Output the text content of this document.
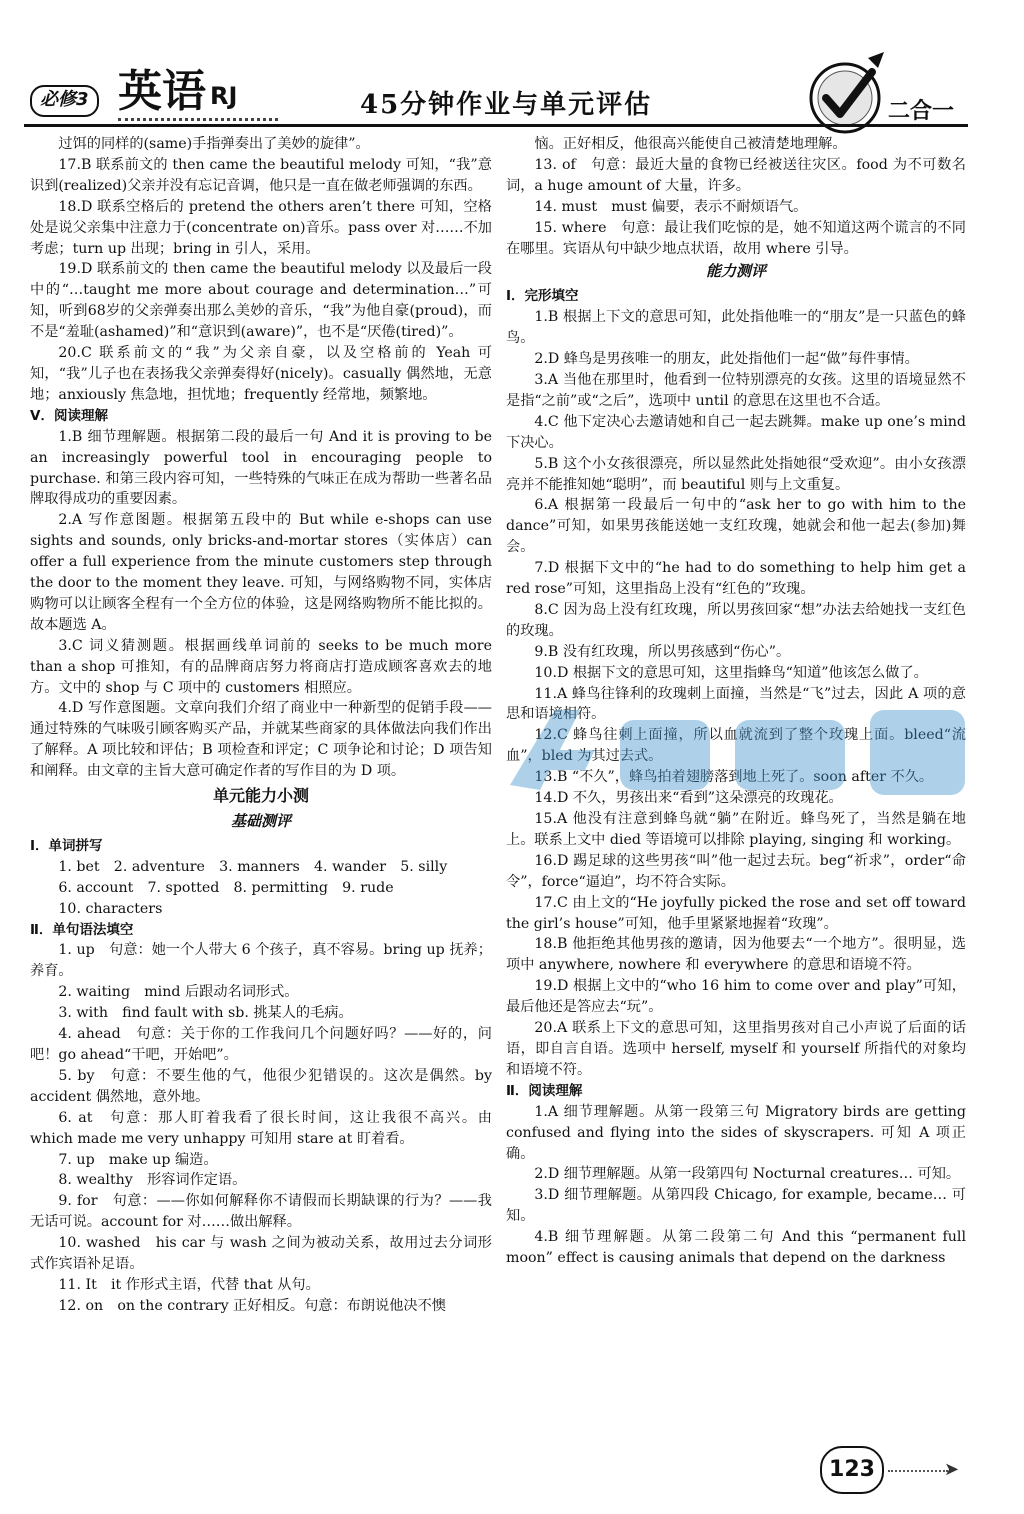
必修3 英语 RJ	45分钟作业与单元评估	二合一

过饵的同样的(same)手指弹奏出了美妙的旋律”。

17.B 联系前文的 then came the beautiful melody 可知，“我”意识到(realized)父亲并没有忘记音调，他只是一直在做老师强调的东西。

18.D 联系空格后的 pretend the others aren’t there 可知，空格处是说父亲集中注意力于(concentrate on)音乐。pass over 对……不加考虑；turn up 出现；bring in 引人，采用。

19.D 联系前文的 then came the beautiful melody 以及最后一段中的“…taught me more about courage and determination…”可知，听到68岁的父亲弹奏出那么美妙的音乐，“我”为他自豪(proud)，而不是“羞耻(ashamed)”和“意识到(aware)”，也不是“厌倦(tired)”。

20.C 联系前文的“我”为父亲自豪，以及空格前的 Yeah 可知，“我”儿子也在表扬我父亲弹奏得好(nicely)。casually 偶然地，无意地；anxiously 焦急地，担忧地；frequently 经常地，频繁地。

Ⅴ．阅读理解

1.B 细节理解题。根据第二段的最后一句 And it is proving to be an increasingly powerful tool in encouraging people to purchase. 和第三段内容可知，一些特殊的气味正在成为帮助一些著名品牌取得成功的重要因素。

2.A 写作意图题。根据第五段中的 But while e-shops can use sights and sounds, only bricks-and-mortar stores（实体店）can offer a full experience from the minute customers step through the door to the moment they leave. 可知，与网络购物不同，实体店购物可以让顾客全程有一个全方位的体验，这是网络购物所不能比拟的。故本题选 A。

3.C 词义猜测题。根据画线单词前的 seeks to be much more than a shop 可推知，有的品牌商店努力将商店打造成顾客喜欢去的地方。文中的 shop 与 C 项中的 customers 相照应。

4.D 写作意图题。文章向我们介绍了商业中一种新型的促销手段——通过特殊的气味吸引顾客购买产品，并就某些商家的具体做法向我们作出了解释。A 项比较和评估；B 项检查和评定；C 项争论和讨论；D 项告知和阐释。由文章的主旨大意可确定作者的写作目的为 D 项。

单元能力小测

基础测评

Ⅰ．单词拼写

1. bet　2. adventure　3. manners　4. wander　5. silly

6. account　7. spotted　8. permitting　9. rude

10. characters

Ⅱ．单句语法填空

1. up　句意：她一个人带大 6 个孩子，真不容易。bring up 抚养；养育。

2. waiting　mind 后跟动名词形式。

3. with　find fault with sb. 挑某人的毛病。

4. ahead　句意：关于你的工作我问几个问题好吗？——好的，问吧！go ahead“干吧，开始吧”。

5. by　句意：不要生他的气，他很少犯错误的。这次是偶然。by accident 偶然地，意外地。

6. at　句意：那人盯着我看了很长时间，这让我很不高兴。由 which made me very unhappy 可知用 stare at 盯着看。

7. up　make up 编造。

8. wealthy　形容词作定语。

9. for　句意：——你如何解释你不请假而长期缺课的行为？——我无话可说。account for 对……做出解释。

10. washed　his car 与 wash 之间为被动关系，故用过去分词形式作宾语补足语。

11. It　it 作形式主语，代替 that 从句。

12. on　on the contrary 正好相反。句意：布朗说他决不懊

恼。正好相反，他很高兴能使自己被清楚地理解。

13. of　句意：最近大量的食物已经被送往灾区。food 为不可数名词，a huge amount of 大量，许多。

14. must　must 偏要，表示不耐烦语气。

15. where　句意：最让我们吃惊的是，她不知道这两个谎言的不同在哪里。宾语从句中缺少地点状语，故用 where 引导。

能力测评

Ⅰ．完形填空

1.B 根据上下文的意思可知，此处指他唯一的“朋友”是一只蓝色的蜂鸟。

2.D 蜂鸟是男孩唯一的朋友，此处指他们一起“做”每件事情。

3.A 当他在那里时，他看到一位特别漂亮的女孩。这里的语境显然不是指“之前”或“之后”，选项中 until 的意思在这里也不合适。

4.C 他下定决心去邀请她和自己一起去跳舞。make up one’s mind 下决心。

5.B 这个小女孩很漂亮，所以显然此处指她很“受欢迎”。由小女孩漂亮并不能推知她“聪明”，而 beautiful 则与上文重复。

6.A 根据第一段最后一句中的“ask her to go with him to the dance”可知，如果男孩能送她一支红玫瑰，她就会和他一起去(参加)舞会。

7.D 根据下文中的“he had to do something to help him get a red rose”可知，这里指岛上没有“红色的”玫瑰。

8.C 因为岛上没有红玫瑰，所以男孩回家“想”办法去给她找一支红色的玫瑰。

9.B 没有红玫瑰，所以男孩感到“伤心”。

10.D 根据下文的意思可知，这里指蜂鸟“知道”他该怎么做了。

11.A 蜂鸟往锋利的玫瑰刺上面撞，当然是“飞”过去，因此 A 项的意思和语境相符。

12.C 蜂鸟往刺上面撞，所以血就流到了整个玫瑰上面。bleed“流血”，bled 为其过去式。

13.B “不久”，蜂鸟拍着翅膀落到地上死了。soon after 不久。

14.D 不久，男孩出来“看到”这朵漂亮的玫瑰花。

15.A 他没有注意到蜂鸟就“躺”在附近。蜂鸟死了，当然是躺在地上。联系上文中 died 等语境可以排除 playing, singing 和 working。

16.D 踢足球的这些男孩“叫”他一起过去玩。beg“祈求”，order“命令”，force“逼迫”，均不符合实际。

17.C 由上文的“He joyfully picked the rose and set off toward the girl’s house”可知，他手里紧紧地握着“玫瑰”。

18.B 他拒绝其他男孩的邀请，因为他要去“一个地方”。很明显，选项中 anywhere, nowhere 和 everywhere 的意思和语境不符。

19.D 根据上文中的“who 16 him to come over and play”可知，最后他还是答应去“玩”。

20.A 联系上下文的意思可知，这里指男孩对自己小声说了后面的话语，即自言自语。选项中 herself, myself 和 yourself 所指代的对象均和语境不符。

Ⅱ．阅读理解

1.A 细节理解题。从第一段第三句 Migratory birds are getting confused and flying into the sides of skyscrapers. 可知 A 项正确。

2.D 细节理解题。从第一段第四句 Nocturnal creatures… 可知。

3.D 细节理解题。从第四段 Chicago, for example, became… 可知。

4.B 细节理解题。从第二段第二句 And this “permanent full moon” effect is causing animals that depend on the darkness

123	➤
